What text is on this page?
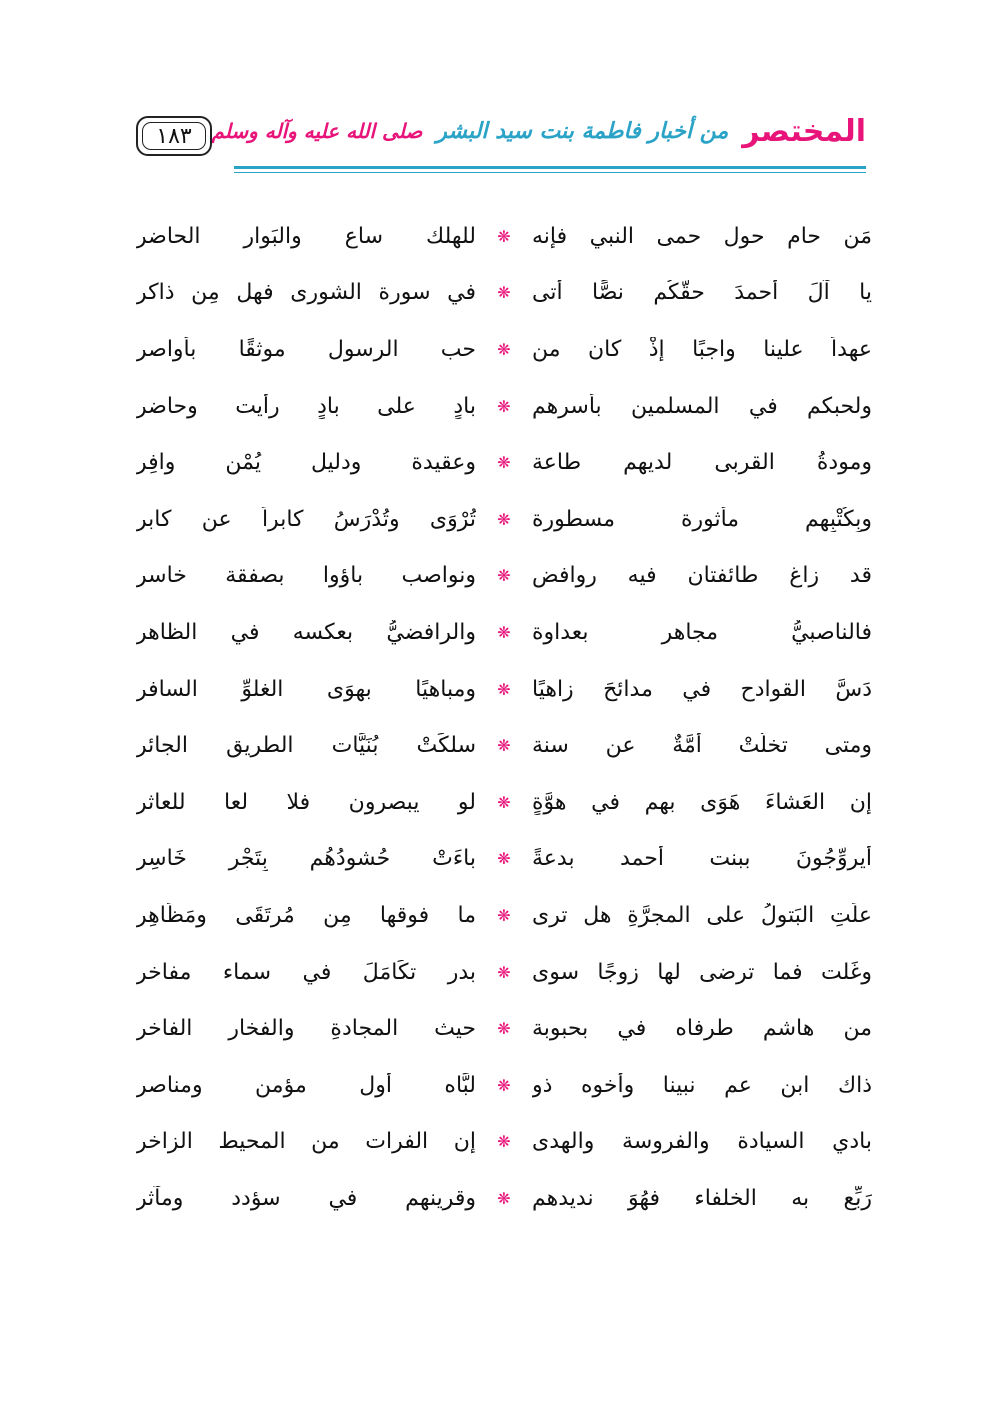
المختصر
من أخبار فاطمة بنت سيد البشر
صلى الله عليه وآله وسلم
١٨٣
للهلك ساعٍ والبَوارِ الحاضر	❋ مَن حام حول حمى النبي فإنه
في سورة الشورى فهل مِن ذاكر	❋ يا آلَ أحمدَ حقُّكُم نصًّا أتى
حب الرسول موثقًا بأواصر	❋ عهداً علينا واجبًا إذْ كان من
بادٍ على بادٍ رأيت وحاضر	❋ ولحبكم في المسلمين بأسرهم
وعقيدة ودليل يُمْنٍ وافِر	❋ ومودةُ القربى لديهم طاعة
تُرْوَى وتُدْرَسُ كابراً عن كابر	❋ وبِكُتْبِهم مأثورة مسطورة
ونواصب باؤوا بصفقة خاسر	❋ قد زاغ طائفتان فيه روافض
والرافضيُّ بعكسه في الظاهر	❋ فالناصبيُّ مجاهر بعداوة
ومباهيًا بهوَى الغلوِّ السافر	❋ دَسَّ القوادح في مدائحَ زاهيًا
سلكَتْ بُنَيَّات الطريق الجائر	❋ ومتى تخلَّتْ أمَّةٌ عن سنة
لو يبصرون فلا لعا للعاثر	❋ إن العَشاءَ هَوَى بهم في هوَّةٍ
باءَتْ حُشودُهُم بِتَجْرٍ خَاسِر	❋ أيروِّجُونَ ببنت أحمد بدعةً
ما فوقها مِن مُرتَقَى ومَظَاهِر	❋ علَتِ البَتولُ على المجرَّةِ هل ترى
بدر تكَامَلَ في سماء مفاخر	❋ وغَلت فما ترضى لها زوجًا سوى
حيث المجادةِ والفخارِ الفاخر	❋ من هاشمٍ طرفاه في بحبوبة
لبَّاه أول مؤمن ومناصر	❋ ذاك ابن عم نبينا وأخوه ذو
إن الفرات من المحيط الزاخر	❋ بادي السيادة والفروسة والهدى
وقرينهم في سؤدد ومآثر	❋ رَبِّع به الخلفاء فهُوَ نديدهم
